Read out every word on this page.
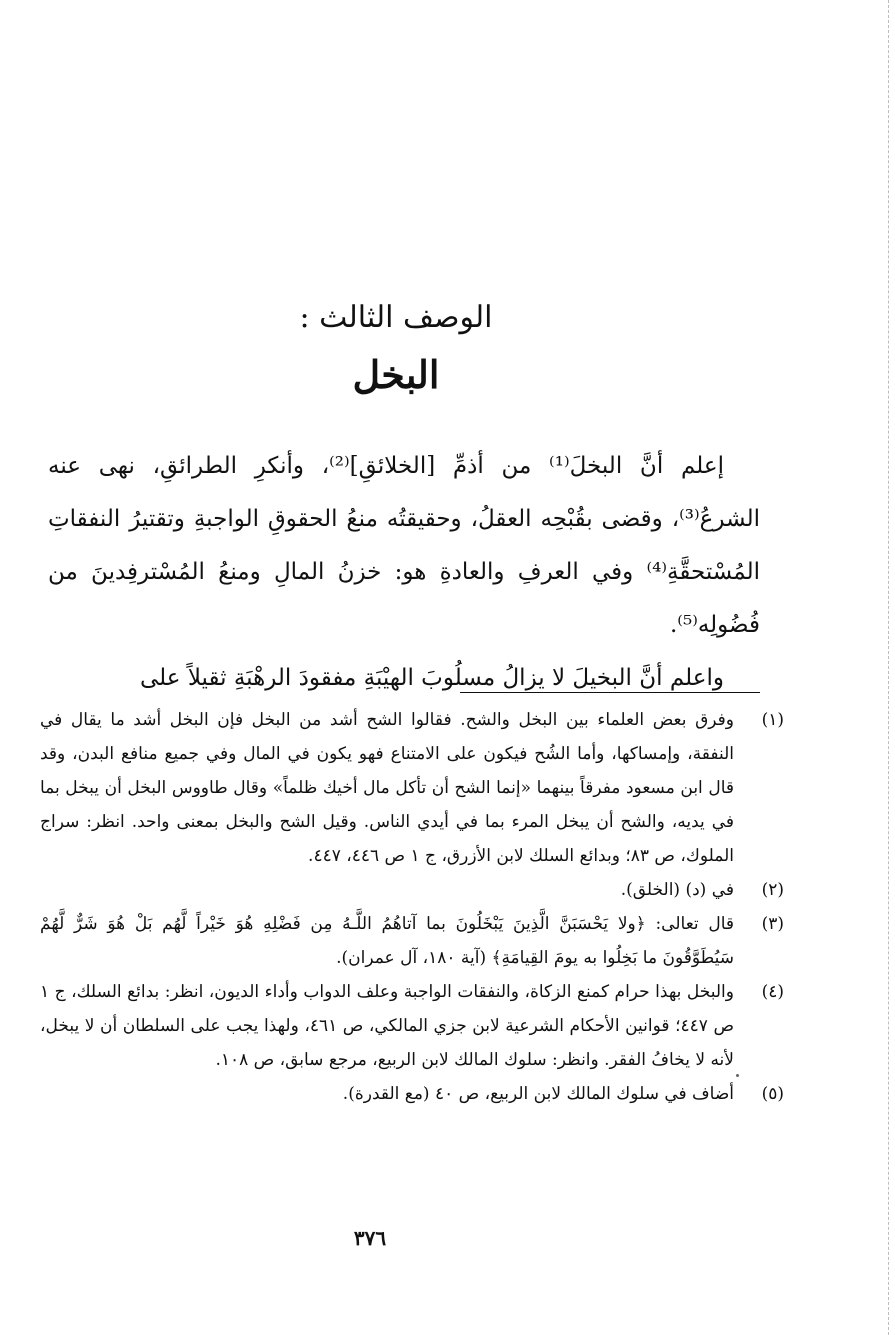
الوصف الثالث :
البخل

إعلم أنَّ البخلَ⁽¹⁾ من أذمِّ [الخلائقِ]⁽²⁾، وأنكرِ الطرائقِ، نهى عنه الشرعُ⁽³⁾، وقضى بقُبْحِه العقلُ، وحقيقتُه منعُ الحقوقِ الواجبةِ وتقتيرُ النفقاتِ المُسْتحقَّةِ⁽⁴⁾ وفي العرفِ والعادةِ هو: خزنُ المالِ ومنعُ المُسْترفِدينَ من فُضُولِه⁽⁵⁾.

واعلم أنَّ البخيلَ لا يزالُ مسلُوبَ الهيْبَةِ مفقودَ الرهْبَةِ ثقيلاً على

(١)
وفرق بعض العلماء بين البخل والشح. فقالوا الشح أشد من البخل فإن البخل أشد ما يقال في النفقة، وإمساكها، وأما الشُح فيكون على الامتناع فهو يكون في المال وفي جميع منافع البدن، وقد قال ابن مسعود مفرقاً بينهما «إنما الشح أن تأكل مال أخيك ظلماً» وقال طاووس البخل أن يبخل بما في يديه، والشح أن يبخل المرء بما في أيدي الناس. وقيل الشح والبخل بمعنى واحد. انظر: سراج الملوك، ص ٨٣؛ وبدائع السلك لابن الأزرق، ج ١ ص ٤٤٦، ٤٤٧.
(٢)
في (د) (الخلق).
(٣)
قال تعالى: ﴿ولا يَحْسَبَنَّ الَّذِينَ يَبْخَلُونَ بما آتاهُمُ اللَّـهُ مِن فَضْلِهِ هُوَ خَيْراً لَّهُم بَلْ هُوَ شَرٌّ لَّهُمْ سَيُطَوَّقُونَ ما بَخِلُوا به يومَ القِيامَةِ﴾ (آية ١٨٠، آل عمران).
(٤)
والبخل بهذا حرام كمنع الزكاة، والنفقات الواجبة وعلف الدواب وأداء الديون، انظر: بدائع السلك، ج ١ ص ٤٤٧؛ قوانين الأحكام الشرعية لابن جزي المالكي، ص ٤٦١، ولهذا يجب على السلطان أن لا يبخل، لأنه لا يخافُ الفقر. وانظر: سلوك المالك لابن الربيع، مرجع سابق، ص ١٠٨.
(٥)
أضاف في سلوك المالك لابن الربيع، ص ٤٠ (مع القدرة).
٣٧٦
